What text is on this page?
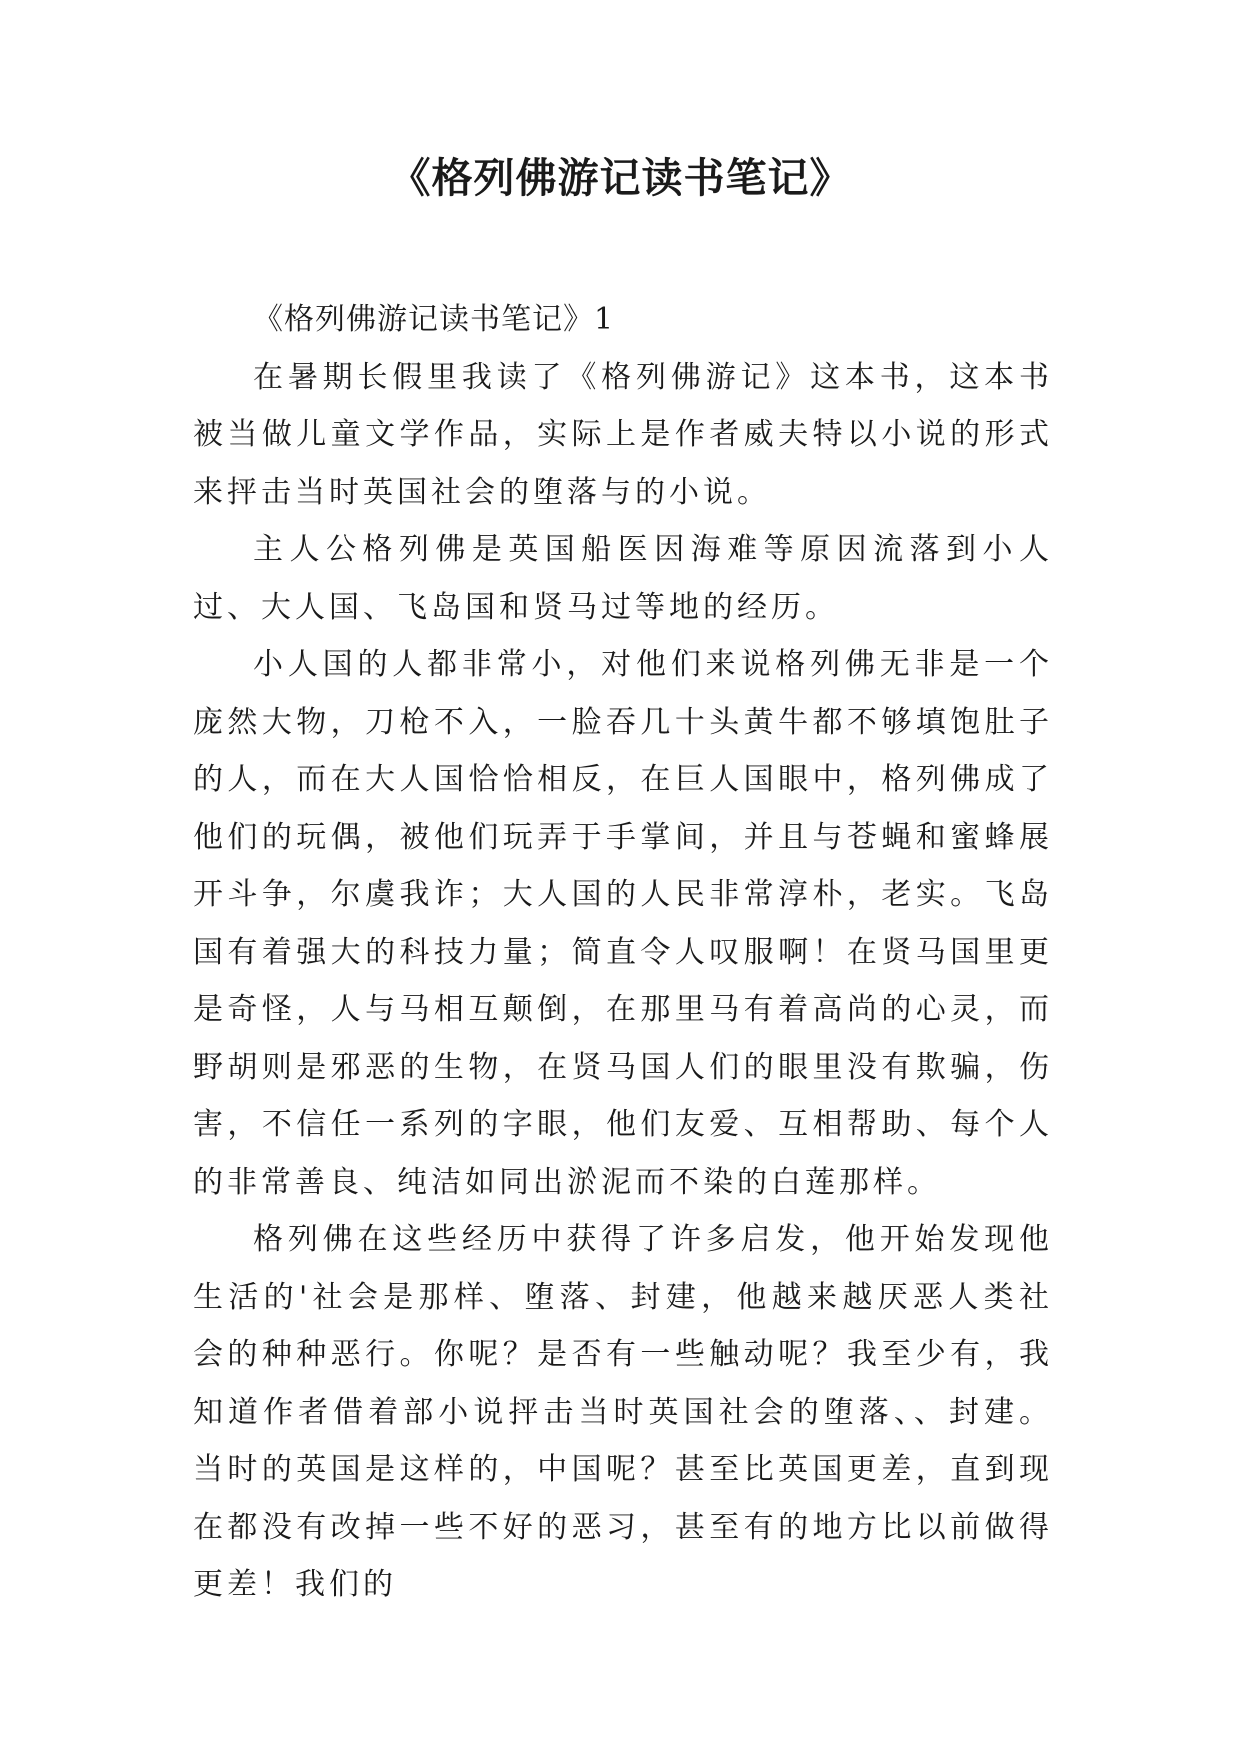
《格列佛游记读书笔记》

《格列佛游记读书笔记》1

在暑期长假里我读了《格列佛游记》这本书，这本书被当做儿童文学作品，实际上是作者威夫特以小说的形式来抨击当时英国社会的堕落与的小说。

主人公格列佛是英国船医因海难等原因流落到小人过、大人国、飞岛国和贤马过等地的经历。

小人国的人都非常小，对他们来说格列佛无非是一个庞然大物，刀枪不入，一脸吞几十头黄牛都不够填饱肚子的人，而在大人国恰恰相反，在巨人国眼中，格列佛成了他们的玩偶，被他们玩弄于手掌间，并且与苍蝇和蜜蜂展开斗争，尔虞我诈；大人国的人民非常淳朴，老实。飞岛国有着强大的科技力量；简直令人叹服啊！在贤马国里更是奇怪，人与马相互颠倒，在那里马有着高尚的心灵，而野胡则是邪恶的生物，在贤马国人们的眼里没有欺骗，伤害，不信任一系列的字眼，他们友爱、互相帮助、每个人的非常善良、纯洁如同出淤泥而不染的白莲那样。

格列佛在这些经历中获得了许多启发，他开始发现他生活的'社会是那样、堕落、封建，他越来越厌恶人类社会的种种恶行。你呢？是否有一些触动呢？我至少有，我知道作者借着部小说抨击当时英国社会的堕落、、封建。当时的英国是这样的，中国呢？甚至比英国更差，直到现在都没有改掉一些不好的恶习，甚至有的地方比以前做得更差！我们的
